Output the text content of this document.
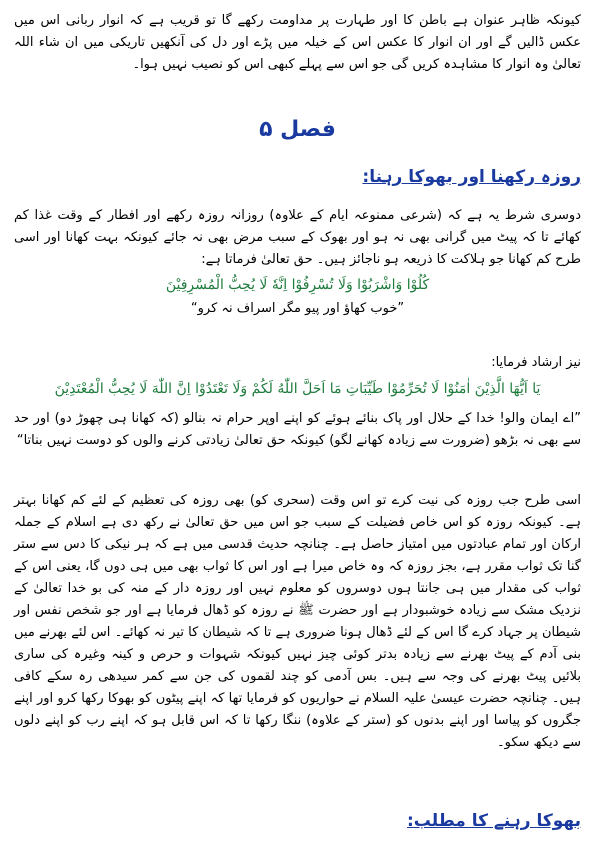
کیونکہ ظاہر عنوان ہے باطن کا اور طہارت پر مداومت رکھے گا تو قریب ہے کہ انوار ربانی اس میں عکس ڈالیں گے اور ان انوار کا عکس اس کے خیلہ میں پڑے اور دل کی آنکھیں تاریکی میں ان شاء اللہ تعالیٰ وہ انوار کا مشاہدہ کریں گی جو اس سے پہلے کبھی اس کو نصیب نہیں ہوا۔

فصل ۵
روزہ رکھنا اور بھوکا رہنا:

دوسری شرط یہ ہے کہ (شرعی ممنوعہ ایام کے علاوہ) روزانہ روزہ رکھے اور افطار کے وقت غذا کم کھائے تا کہ پیٹ میں گرانی بھی نہ ہو اور بھوک کے سبب مرض بھی نہ جائے کیونکہ بہت کھانا اور اسی طرح کم کھانا جو ہلاکت کا ذریعہ ہو ناجائز ہیں۔ حق تعالیٰ فرماتا ہے:

كُلُوْا وَاشْرَبُوْا وَلَا تُسْرِفُوْا اِنَّهٗ لَا يُحِبُّ الْمُسْرِفِيْنَ

”خوب کھاؤ اور پیو مگر اسراف نہ کرو“

نیز ارشاد فرمایا:

يَا اَيُّهَا الَّذِيْنَ اٰمَنُوْا لَا تُحَرِّمُوْا طَيِّبَاتِ مَا اَحَلَّ اللّٰهُ لَكُمْ وَلَا تَعْتَدُوْا اِنَّ اللّٰهَ لَا يُحِبُّ الْمُعْتَدِيْنَ

”اے ایمان والو! خدا کے حلال اور پاک بنائے ہوئے کو اپنے اوپر حرام نہ بنالو (کہ کھانا ہی چھوڑ دو) اور حد سے بھی نہ بڑھو (ضرورت سے زیادہ کھانے لگو) کیونکہ حق تعالیٰ زیادتی کرنے والوں کو دوست نہیں بناتا“

اسی طرح جب روزہ کی نیت کرے تو اس وقت (سحری کو) بھی روزہ کی تعظیم کے لئے کم کھانا بہتر ہے۔ کیونکہ روزہ کو اس خاص فضیلت کے سبب جو اس میں حق تعالیٰ نے رکھ دی ہے اسلام کے جملہ ارکان اور تمام عبادتوں میں امتیاز حاصل ہے۔ چنانچہ حدیث قدسی میں ہے کہ ہر نیکی کا دس سے ستر گنا تک ثواب مقرر ہے، بجز روزہ کہ وہ خاص میرا ہے اور اس کا ثواب بھی میں ہی دوں گا، یعنی اس کے ثواب کی مقدار میں ہی جانتا ہوں دوسروں کو معلوم نہیں اور روزہ دار کے منہ کی بو خدا تعالیٰ کے نزدیک مشک سے زیادہ خوشبودار ہے اور حضرت ﷺ نے روزہ کو ڈھال فرمایا ہے اور جو شخص نفس اور شیطان پر جہاد کرے گا اس کے لئے ڈھال ہونا ضروری ہے تا کہ شیطان کا تیر نہ کھائے۔ اس لئے بھرنے میں بنی آدم کے پیٹ بھرنے سے زیادہ بدتر کوئی چیز نہیں کیونکہ شہوات و حرص و کینہ وغیرہ کی ساری بلائیں پیٹ بھرنے کی وجہ سے ہیں۔ بس آدمی کو چند لقموں کی جن سے کمر سیدھی رہ سکے کافی ہیں۔ چنانچہ حضرت عیسیٰ علیہ السلام نے حواریوں کو فرمایا تھا کہ اپنے پیٹوں کو بھوکا رکھا کرو اور اپنے جگروں کو پیاسا اور اپنے بدنوں کو (ستر کے علاوہ) ننگا رکھا تا کہ اس قابل ہو کہ اپنے رب کو اپنے دلوں سے دیکھ سکو۔

بھوکا رہنے کا مطلب:
